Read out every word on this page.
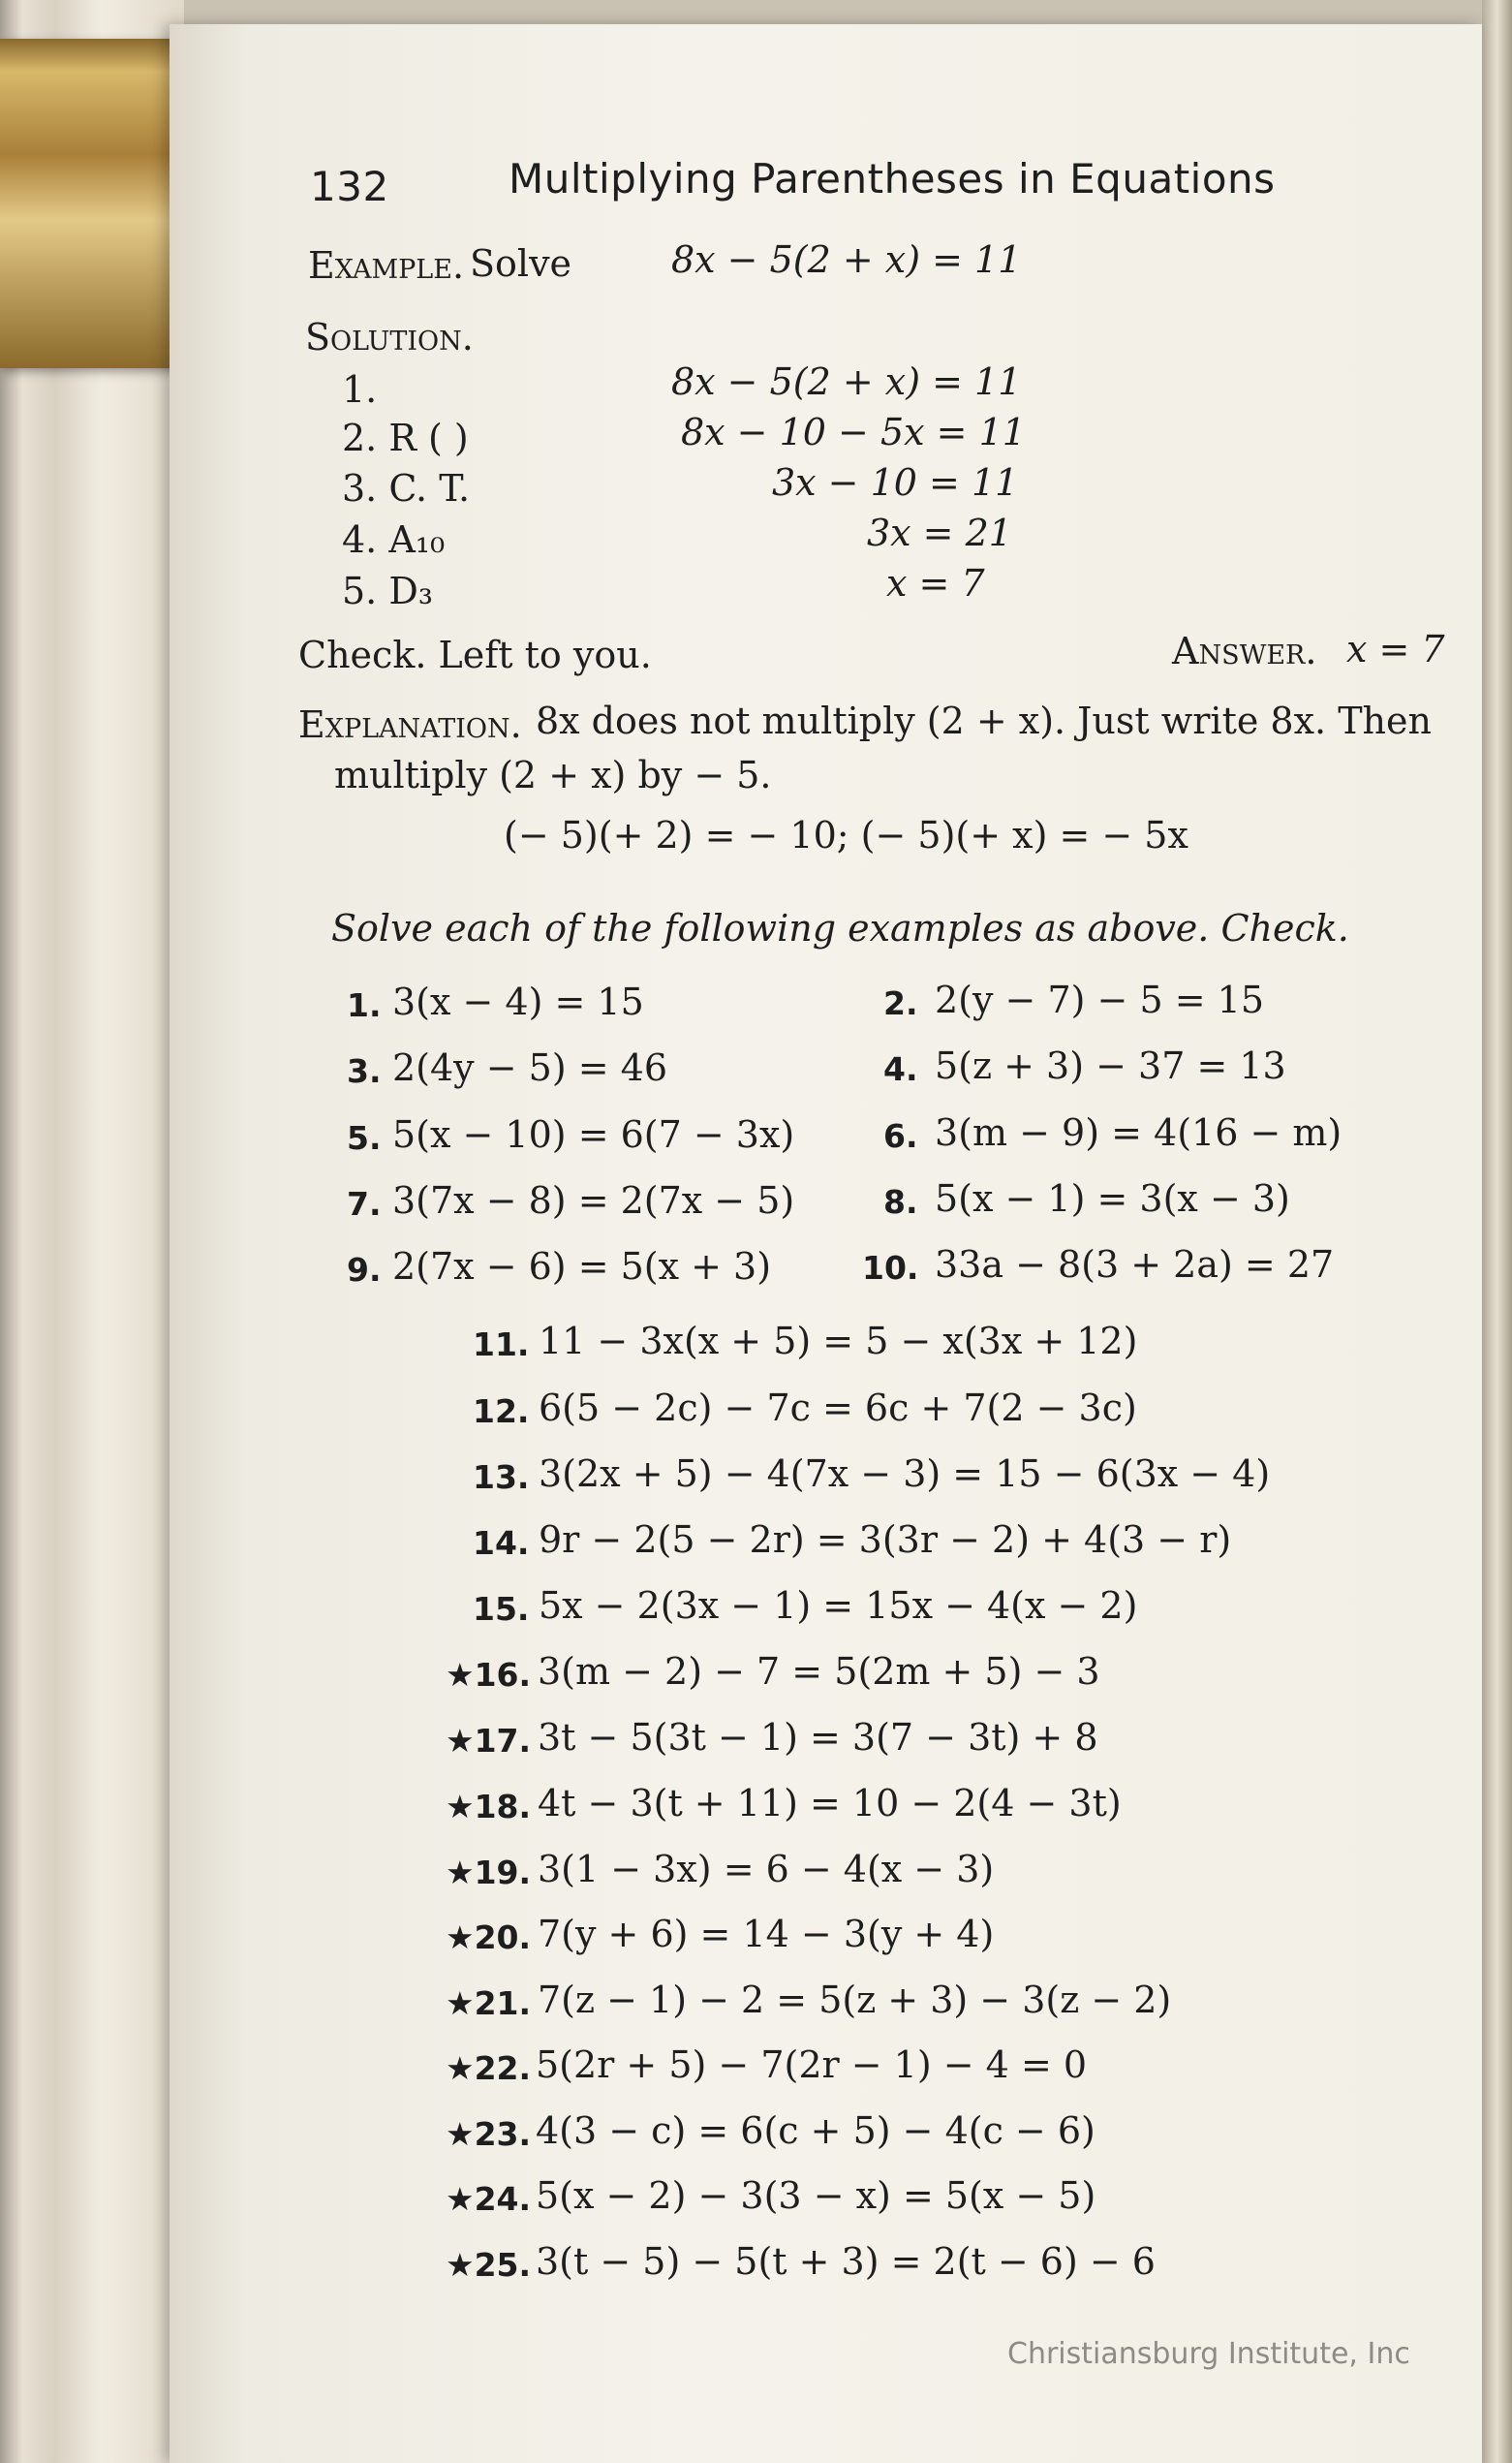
132	Multiplying Parentheses in Equations
Example. Solve	8x − 5(2 + x) = 11
Solution.
1.	8x − 5(2 + x) = 11
2. R ( )	8x − 10 − 5x = 11
3. C. T.	3x − 10 = 11
4. A₁₀	3x = 21
5. D₃	x = 7
Check. Left to you.	Answer. x = 7
Explanation. 8x does not multiply (2 + x). Just write 8x. Then
multiply (2 + x) by − 5.
(− 5)(+ 2) = − 10; (− 5)(+ x) = − 5x
Solve each of the following examples as above. Check.
1. 3(x − 4) = 15	2. 2(y − 7) − 5 = 15
3. 2(4y − 5) = 46	4. 5(z + 3) − 37 = 13
5. 5(x − 10) = 6(7 − 3x)	6. 3(m − 9) = 4(16 − m)
7. 3(7x − 8) = 2(7x − 5)	8. 5(x − 1) = 3(x − 3)
9. 2(7x − 6) = 5(x + 3)	10. 33a − 8(3 + 2a) = 27
11. 11 − 3x(x + 5) = 5 − x(3x + 12)
12. 6(5 − 2c) − 7c = 6c + 7(2 − 3c)
13. 3(2x + 5) − 4(7x − 3) = 15 − 6(3x − 4)
14. 9r − 2(5 − 2r) = 3(3r − 2) + 4(3 − r)
15. 5x − 2(3x − 1) = 15x − 4(x − 2)
★16. 3(m − 2) − 7 = 5(2m + 5) − 3
★17. 3t − 5(3t − 1) = 3(7 − 3t) + 8
★18. 4t − 3(t + 11) = 10 − 2(4 − 3t)
★19. 3(1 − 3x) = 6 − 4(x − 3)
★20. 7(y + 6) = 14 − 3(y + 4)
★21. 7(z − 1) − 2 = 5(z + 3) − 3(z − 2)
★22. 5(2r + 5) − 7(2r − 1) − 4 = 0
★23. 4(3 − c) = 6(c + 5) − 4(c − 6)
★24. 5(x − 2) − 3(3 − x) = 5(x − 5)
★25. 3(t − 5) − 5(t + 3) = 2(t − 6) − 6
Christiansburg Institute, Inc
